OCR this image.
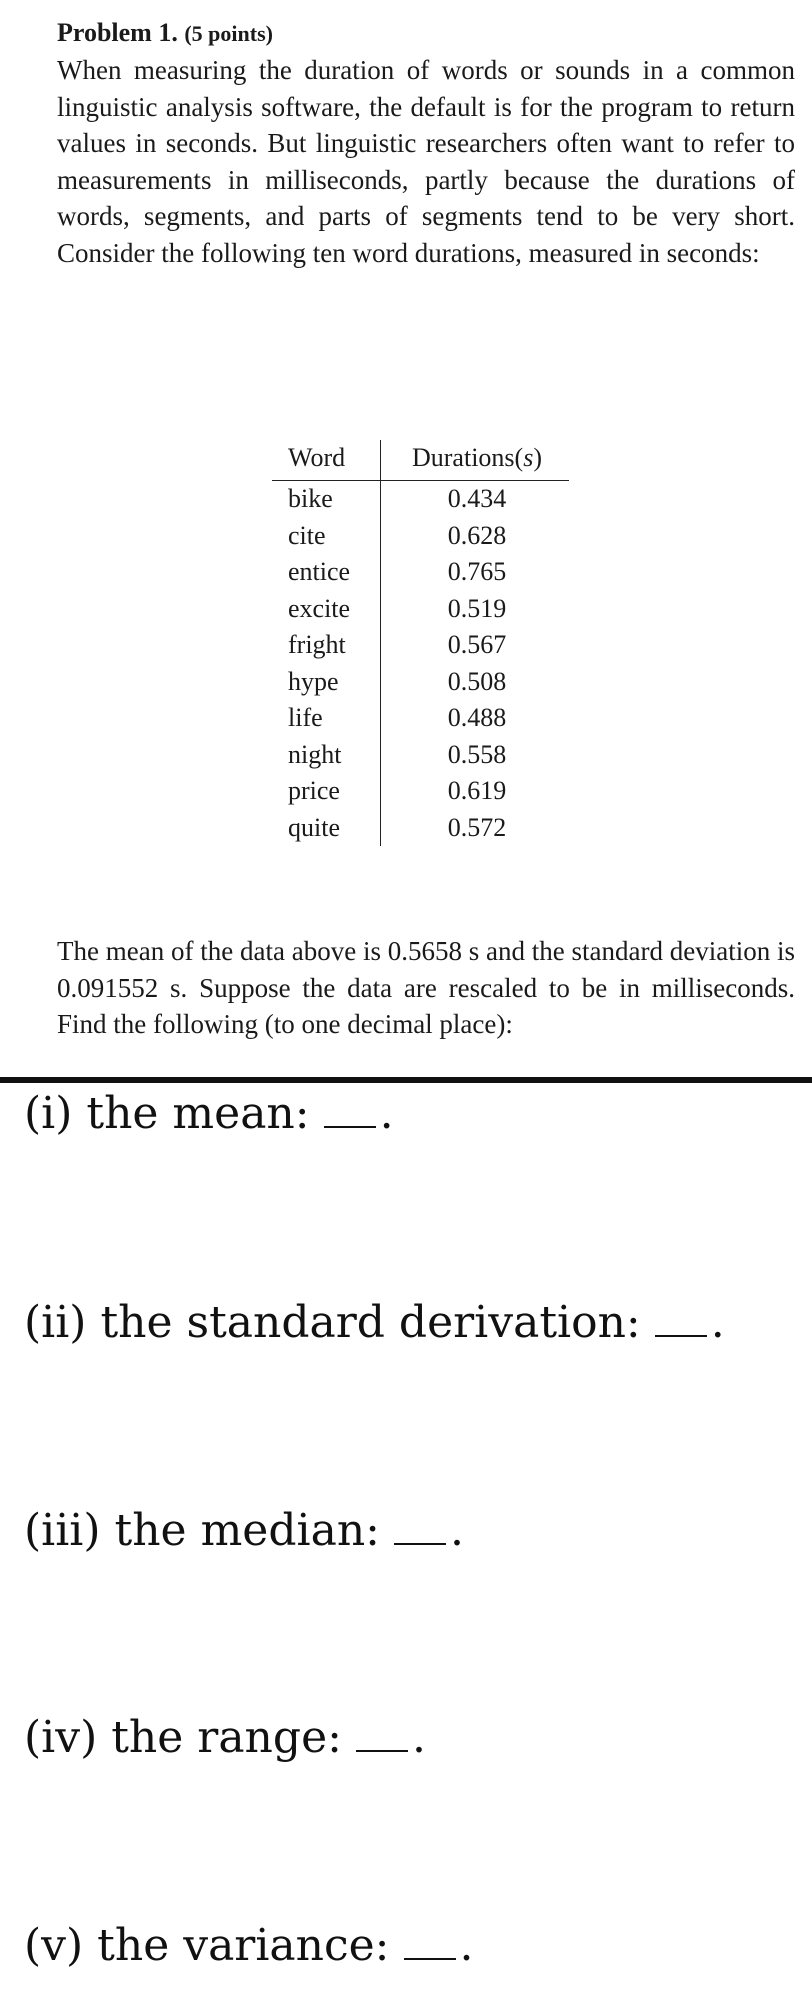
Problem 1. (5 points)

When measuring the duration of words or sounds in a common linguistic analysis software, the default is for the program to return values in seconds. But linguistic researchers often want to refer to measurements in milliseconds, partly because the durations of words, segments, and parts of segments tend to be very short. Consider the following ten word durations, measured in seconds:

Word	Durations(s)
bike	0.434
cite	0.628
entice	0.765
excite	0.519
fright	0.567
hype	0.508
life	0.488
night	0.558
price	0.619
quite	0.572

The mean of the data above is 0.5658 s and the standard deviation is 0.091552 s. Suppose the data are rescaled to be in milliseconds. Find the following (to one decimal place):

(i) the mean: .
(ii) the standard derivation: .
(iii) the median: .
(iv) the range: .
(v) the variance: .
